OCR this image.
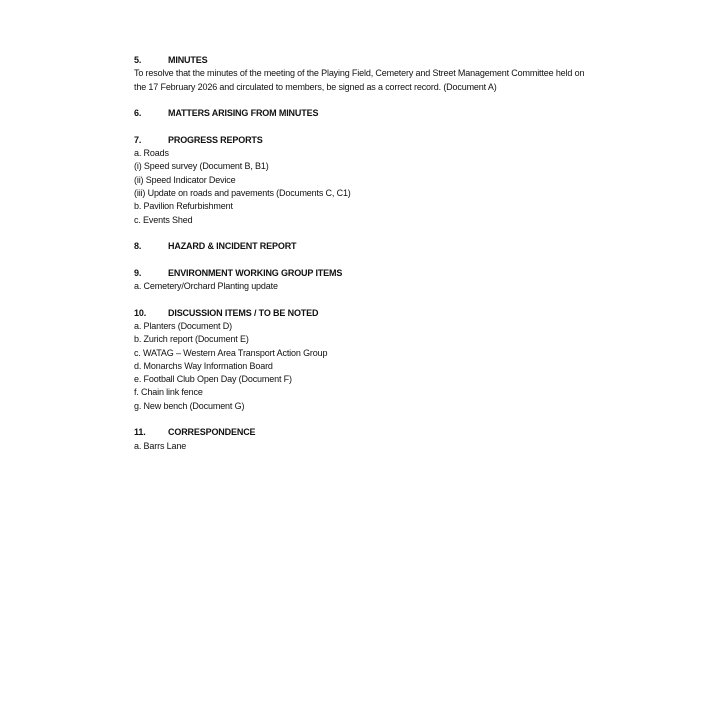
5.	MINUTES
To resolve that the minutes of the meeting of the Playing Field, Cemetery and Street Management Committee held on the 17 February 2026 and circulated to members, be signed as a correct record. (Document A)
6.	MATTERS ARISING FROM MINUTES
7.	PROGRESS REPORTS
a. Roads
(i) Speed survey (Document B, B1)
(ii) Speed Indicator Device
(iii) Update on roads and pavements (Documents C, C1)
b. Pavilion Refurbishment
c. Events Shed
8.	HAZARD & INCIDENT REPORT
9.	ENVIRONMENT WORKING GROUP ITEMS
a. Cemetery/Orchard Planting update
10. DISCUSSION ITEMS / TO BE NOTED
a. Planters (Document D)
b. Zurich report (Document E)
c. WATAG – Western Area Transport Action Group
d. Monarchs Way Information Board
e. Football Club Open Day (Document F)
f. Chain link fence
g. New bench (Document G)
11. CORRESPONDENCE
a. Barrs Lane
